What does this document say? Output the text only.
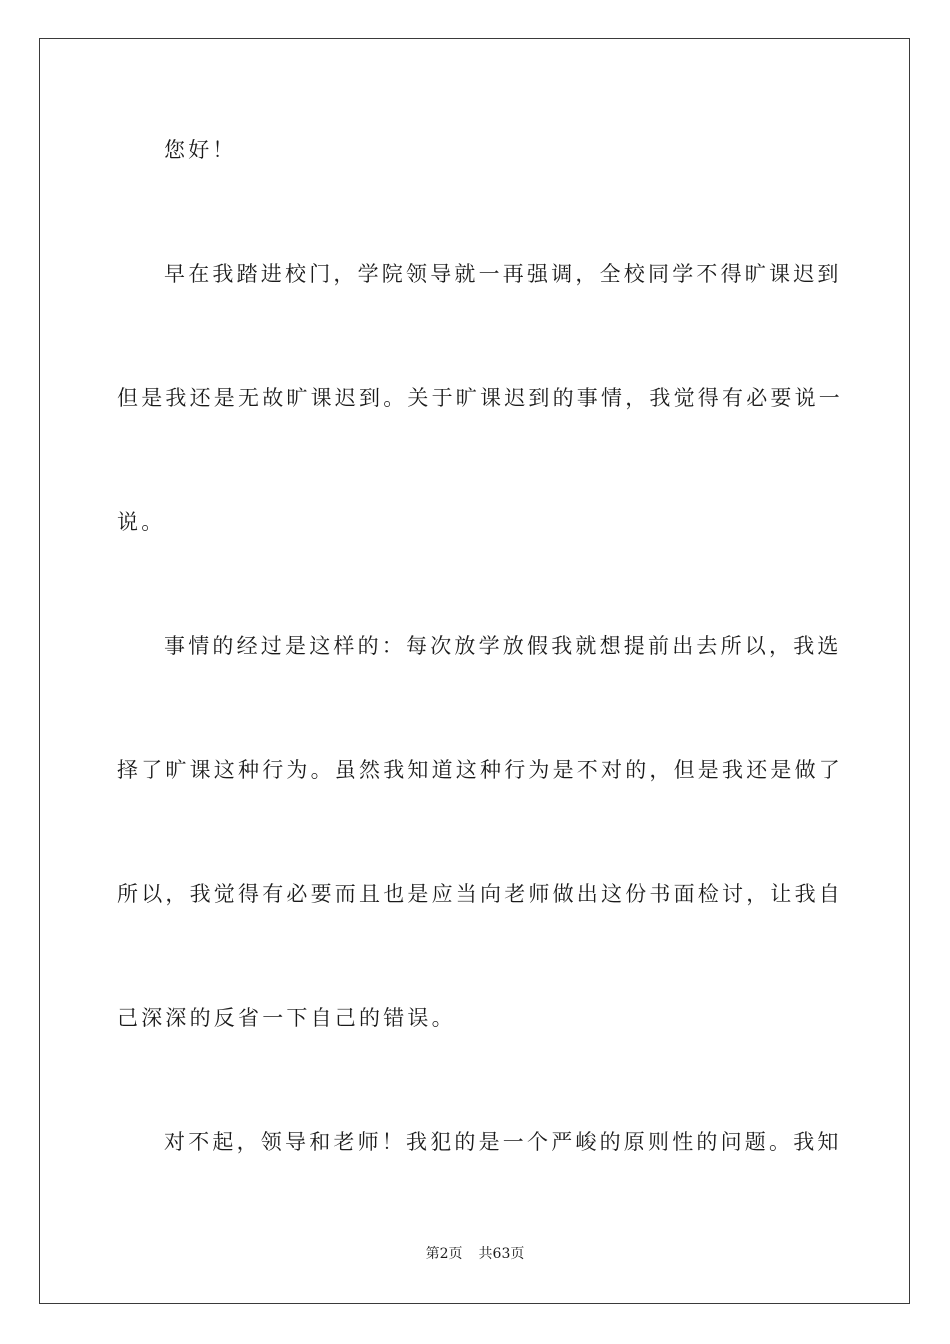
您好！
早在我踏进校门，学院领导就一再强调，全校同学不得旷课迟到
但是我还是无故旷课迟到。关于旷课迟到的事情，我觉得有必要说一
说。
事情的经过是这样的：每次放学放假我就想提前出去所以，我选
择了旷课这种行为。虽然我知道这种行为是不对的，但是我还是做了
所以，我觉得有必要而且也是应当向老师做出这份书面检讨，让我自
己深深的反省一下自己的错误。
对不起，领导和老师！我犯的是一个严峻的原则性的问题。我知
第2页 共63页
